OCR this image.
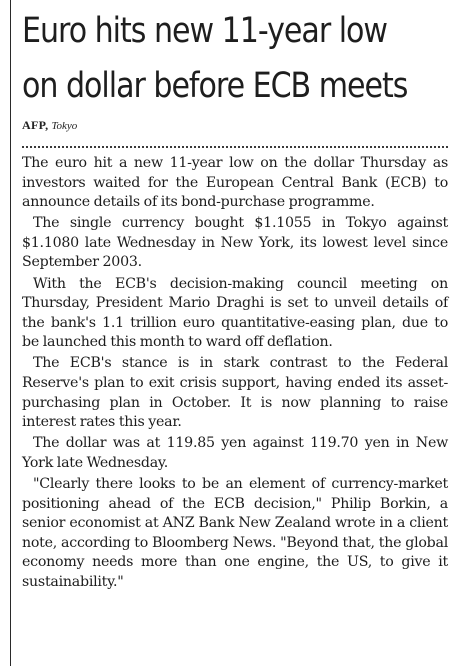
Euro hits new 11-year low
on dollar before ECB meets
AFP, Tokyo

The euro hit a new 11-year low on the dollar Thursday as investors waited for the European Central Bank (ECB) to announce details of its bond-purchase programme.

The single currency bought $1.1055 in Tokyo against $1.1080 late Wednesday in New York, its lowest level since September 2003.

With the ECB's decision-making council meeting on Thursday, President Mario Draghi is set to unveil details of the bank's 1.1 trillion euro quantitative-easing plan, due to be launched this month to ward off deflation.

The ECB's stance is in stark contrast to the Federal Reserve's plan to exit crisis support, having ended its asset-purchasing plan in October. It is now planning to raise interest rates this year.

The dollar was at 119.85 yen against 119.70 yen in New York late Wednesday.

"Clearly there looks to be an element of currency-market positioning ahead of the ECB decision," Philip Borkin, a senior economist at ANZ Bank New Zealand wrote in a client note, according to Bloomberg News. "Beyond that, the global economy needs more than one engine, the US, to give it sustainability."
